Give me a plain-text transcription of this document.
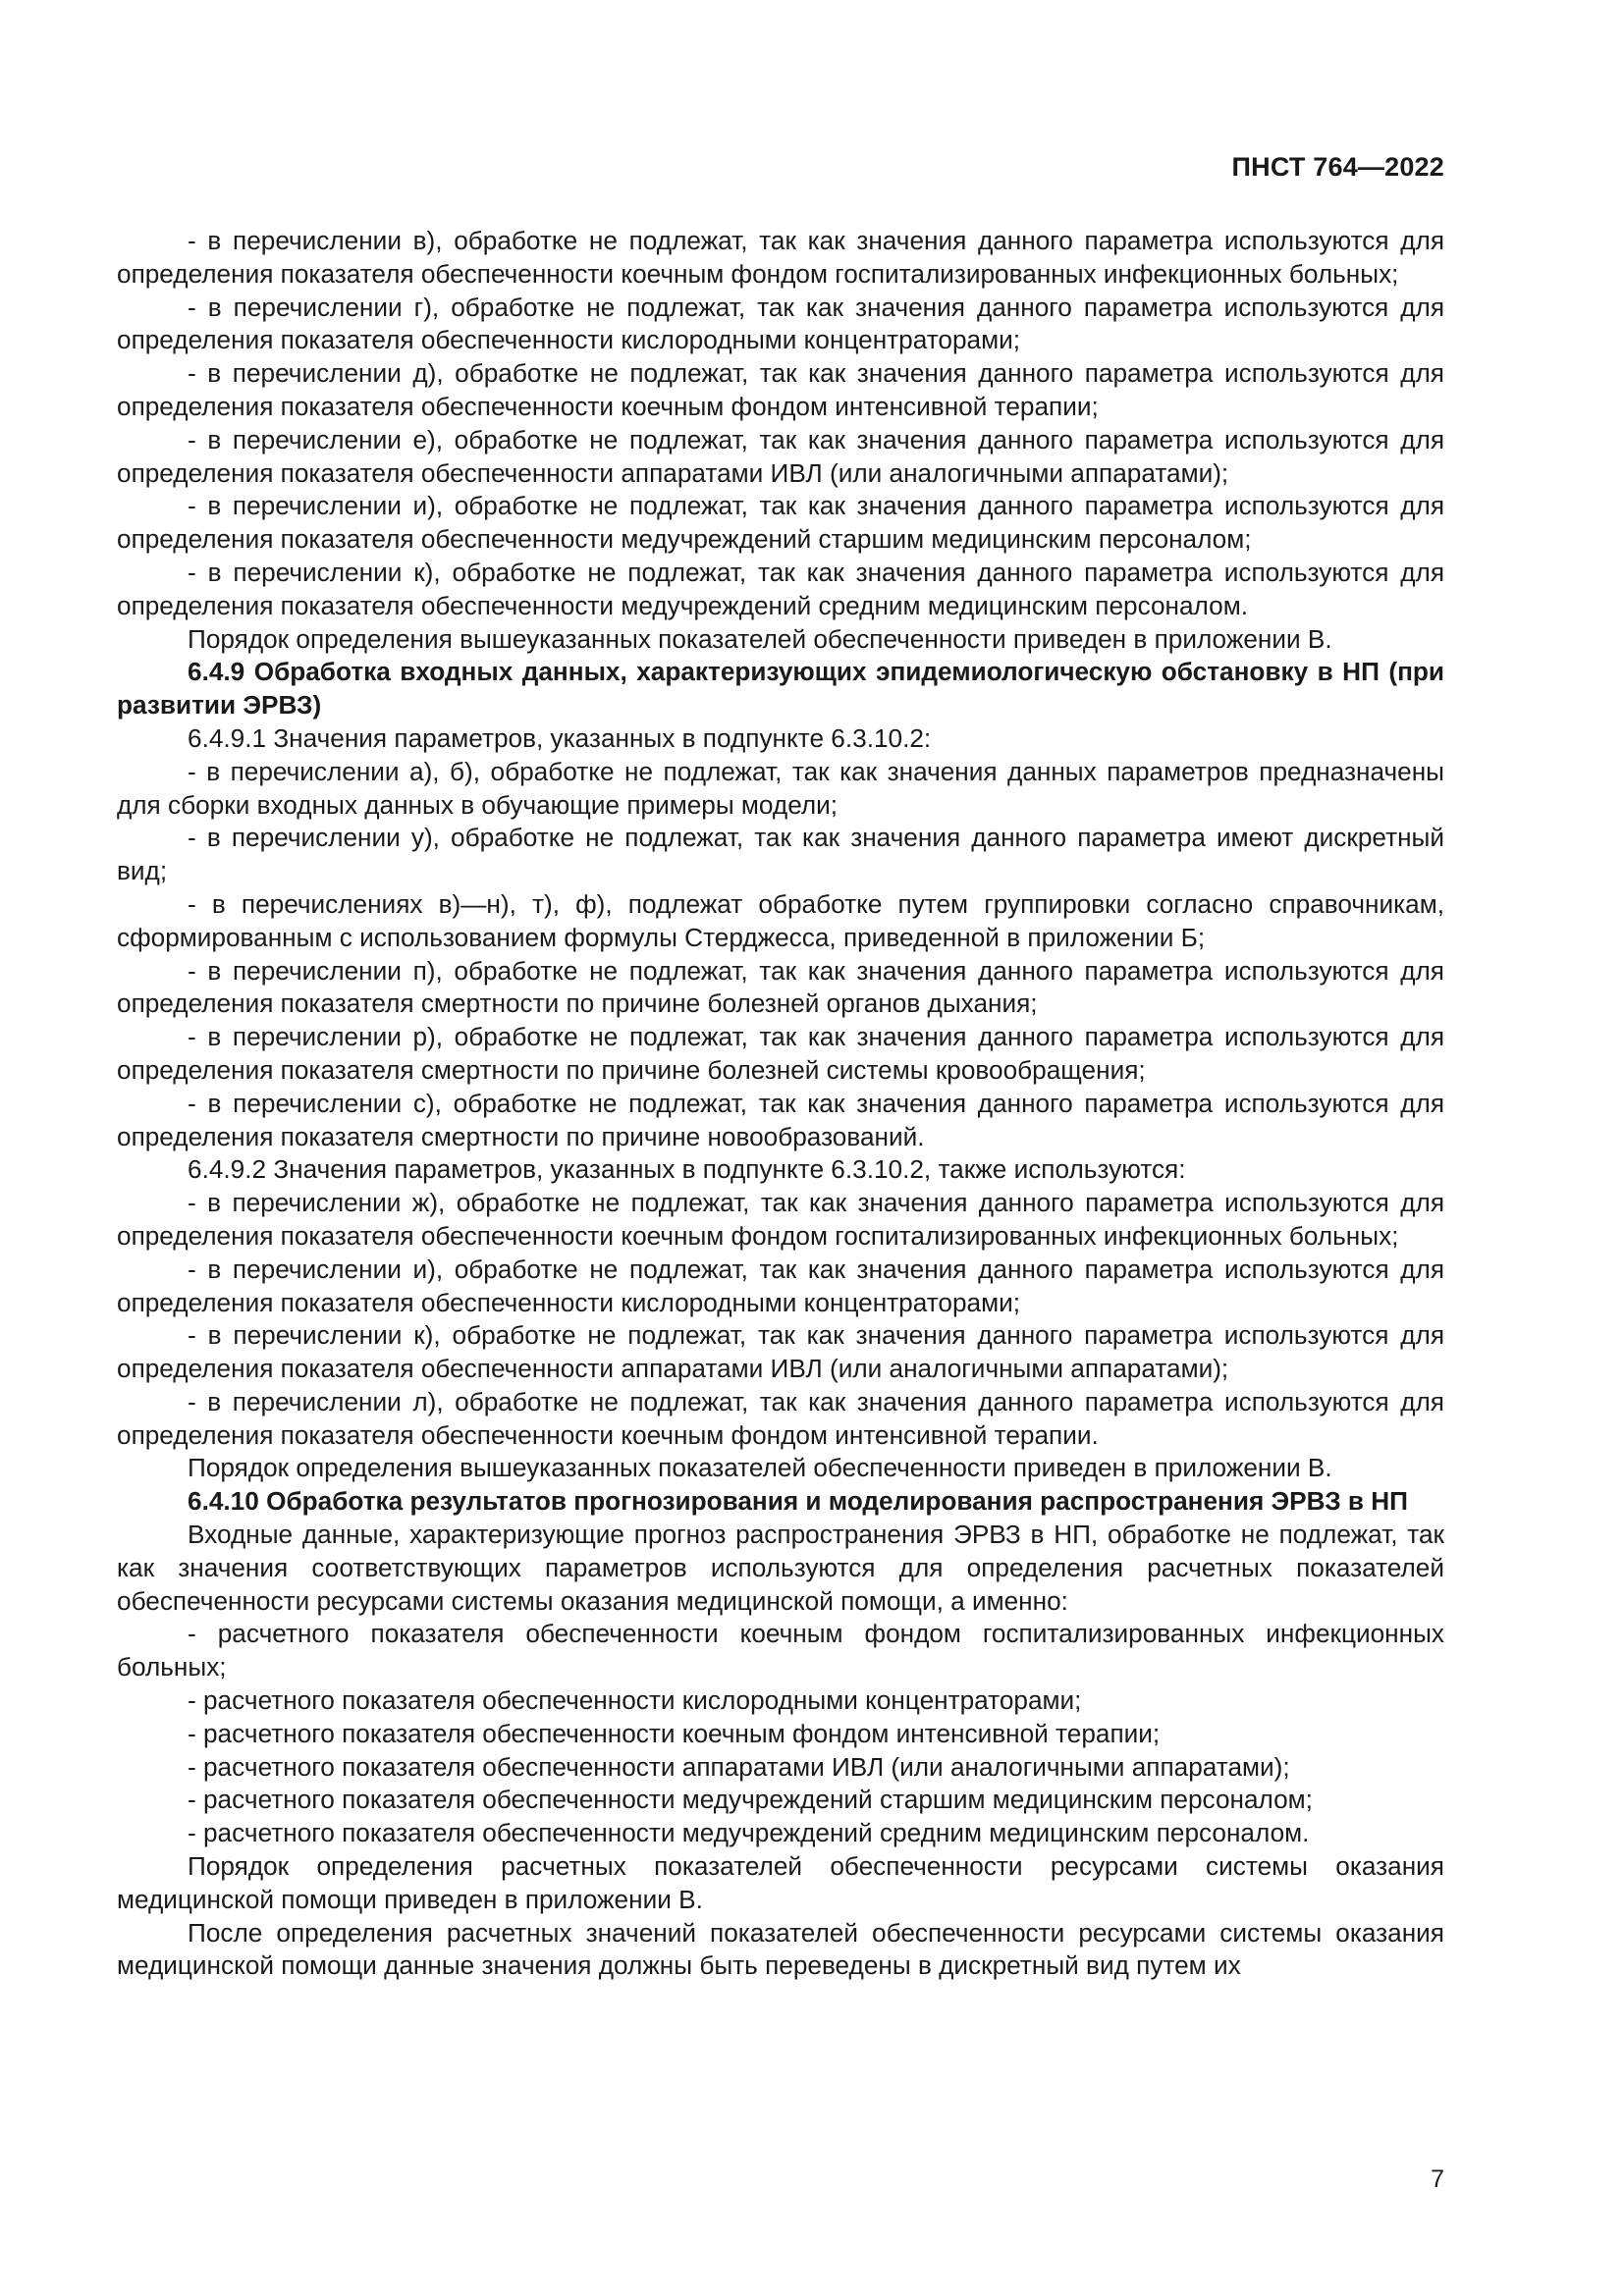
ПНСТ 764—2022

- в перечислении в), обработке не подлежат, так как значения данного параметра используются для определения показателя обеспеченности коечным фондом госпитализированных инфекционных больных;

- в перечислении г), обработке не подлежат, так как значения данного параметра используются для определения показателя обеспеченности кислородными концентраторами;

- в перечислении д), обработке не подлежат, так как значения данного параметра используются для определения показателя обеспеченности коечным фондом интенсивной терапии;

- в перечислении е), обработке не подлежат, так как значения данного параметра используются для определения показателя обеспеченности аппаратами ИВЛ (или аналогичными аппаратами);

- в перечислении и), обработке не подлежат, так как значения данного параметра используются для определения показателя обеспеченности медучреждений старшим медицинским персоналом;

- в перечислении к), обработке не подлежат, так как значения данного параметра используются для определения показателя обеспеченности медучреждений средним медицинским персоналом.

Порядок определения вышеуказанных показателей обеспеченности приведен в приложении В.

6.4.9 Обработка входных данных, характеризующих эпидемиологическую обстановку в НП (при развитии ЭРВЗ)

6.4.9.1 Значения параметров, указанных в подпункте 6.3.10.2:

- в перечислении а), б), обработке не подлежат, так как значения данных параметров предназначены для сборки входных данных в обучающие примеры модели;

- в перечислении у), обработке не подлежат, так как значения данного параметра имеют дискретный вид;

- в перечислениях в)—н), т), ф), подлежат обработке путем группировки согласно справочникам, сформированным с использованием формулы Стерджесса, приведенной в приложении Б;

- в перечислении п), обработке не подлежат, так как значения данного параметра используются для определения показателя смертности по причине болезней органов дыхания;

- в перечислении р), обработке не подлежат, так как значения данного параметра используются для определения показателя смертности по причине болезней системы кровообращения;

- в перечислении с), обработке не подлежат, так как значения данного параметра используются для определения показателя смертности по причине новообразований.

6.4.9.2 Значения параметров, указанных в подпункте 6.3.10.2, также используются:

- в перечислении ж), обработке не подлежат, так как значения данного параметра используются для определения показателя обеспеченности коечным фондом госпитализированных инфекционных больных;

- в перечислении и), обработке не подлежат, так как значения данного параметра используются для определения показателя обеспеченности кислородными концентраторами;

- в перечислении к), обработке не подлежат, так как значения данного параметра используются для определения показателя обеспеченности аппаратами ИВЛ (или аналогичными аппаратами);

- в перечислении л), обработке не подлежат, так как значения данного параметра используются для определения показателя обеспеченности коечным фондом интенсивной терапии.

Порядок определения вышеуказанных показателей обеспеченности приведен в приложении В.

6.4.10 Обработка результатов прогнозирования и моделирования распространения ЭРВЗ в НП

Входные данные, характеризующие прогноз распространения ЭРВЗ в НП, обработке не подлежат, так как значения соответствующих параметров используются для определения расчетных показателей обеспеченности ресурсами системы оказания медицинской помощи, а именно:

- расчетного показателя обеспеченности коечным фондом госпитализированных инфекционных больных;

- расчетного показателя обеспеченности кислородными концентраторами;

- расчетного показателя обеспеченности коечным фондом интенсивной терапии;

- расчетного показателя обеспеченности аппаратами ИВЛ (или аналогичными аппаратами);

- расчетного показателя обеспеченности медучреждений старшим медицинским персоналом;

- расчетного показателя обеспеченности медучреждений средним медицинским персоналом.

Порядок определения расчетных показателей обеспеченности ресурсами системы оказания медицинской помощи приведен в приложении В.

После определения расчетных значений показателей обеспеченности ресурсами системы оказания медицинской помощи данные значения должны быть переведены в дискретный вид путем их

7
